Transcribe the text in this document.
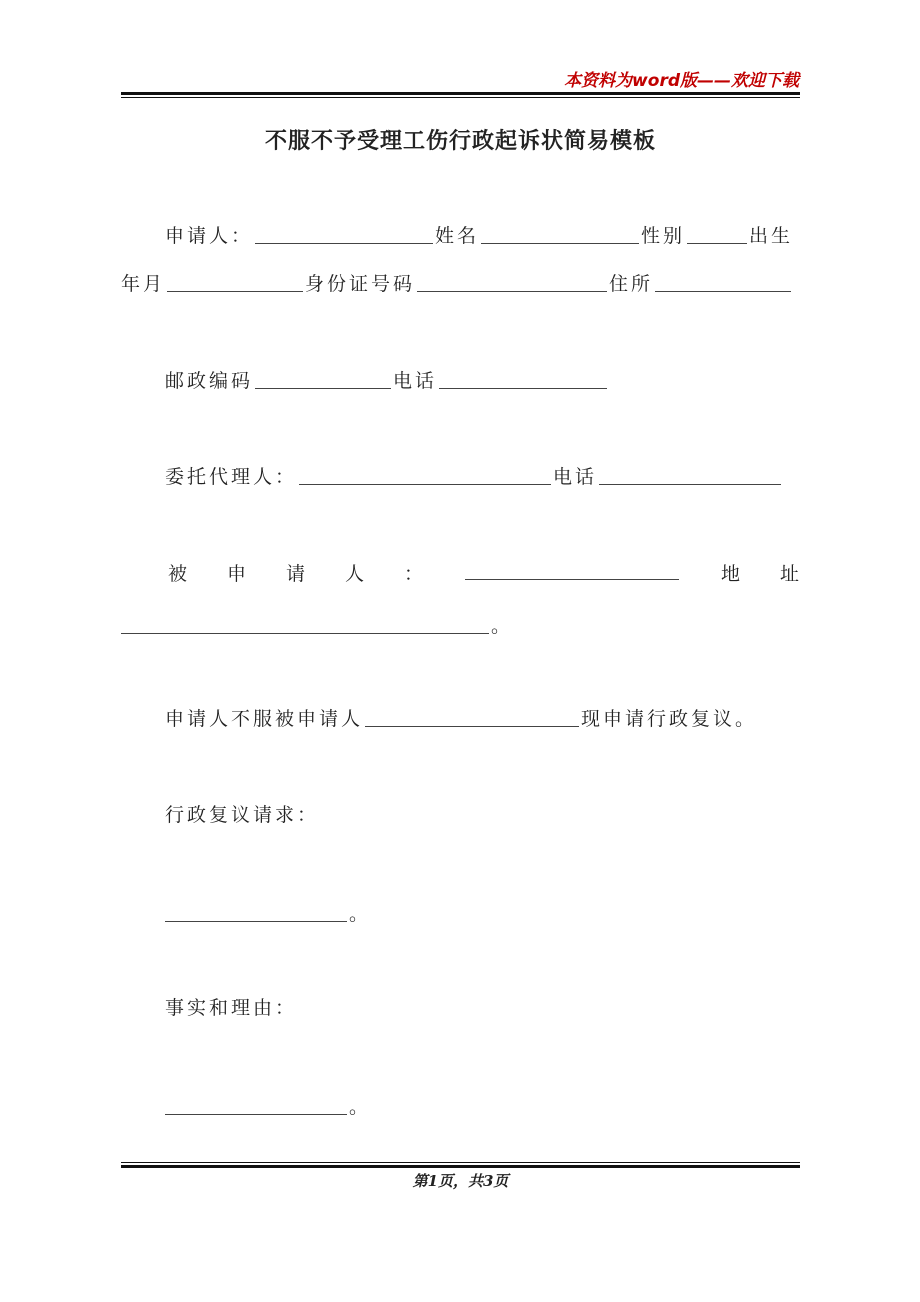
本资料为word版——欢迎下载
不服不予受理工伤行政起诉状简易模板
申请人：	姓名	性别	出生
年月	身份证号码	住所
邮政编码	电话
委托代理人：	电话
被 申 请 人 ：	地 址
。
申请人不服被申请人	现申请行政复议。
行政复议请求：
。
事实和理由：
。
第1页，共3页
